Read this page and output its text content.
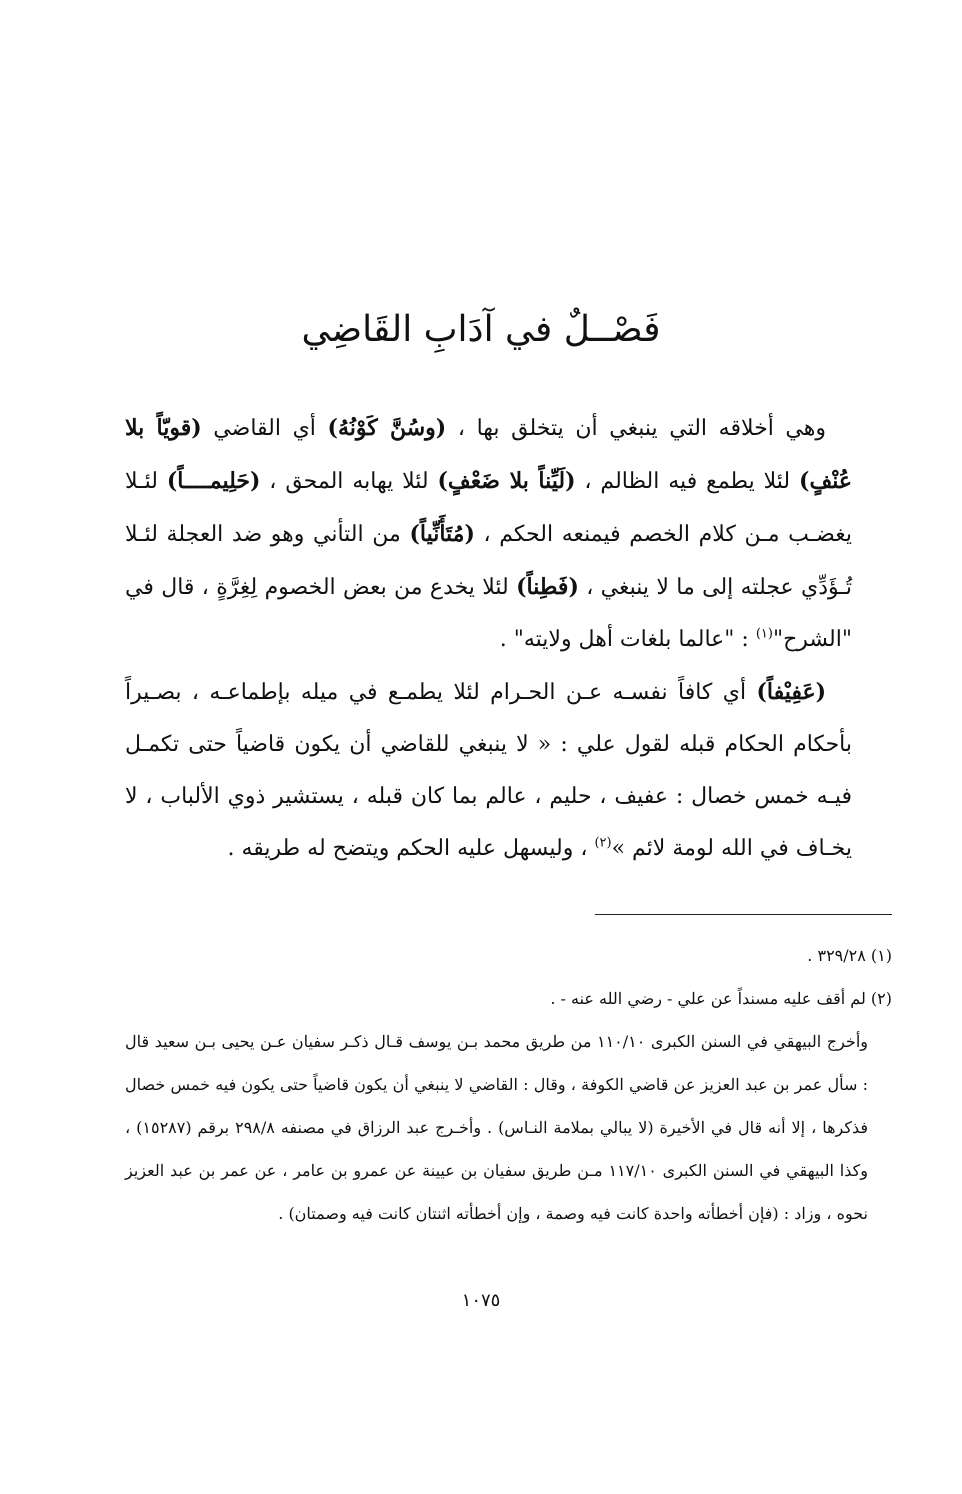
فَصْــلٌ في آدَابِ القَاضِي

وهي أخلاقه التي ينبغي أن يتخلق بها ، (وسُنَّ كَوْنُهُ) أي القاضي (قويّاً بلا عُنْفٍ) لئلا يطمع فيه الظالم ، (لَيِّناً بلا ضَعْفٍ) لئلا يهابه المحق ، (حَلِيمــــاً) لئـلا يغضـب مـن كلام الخصم فيمنعه الحكم ، (مُتَأَنِّياً) من التأني وهو ضد العجلة لئـلا تُـؤَدِّي عجلته إلى ما لا ينبغي ، (فَطِناً) لئلا يخدع من بعض الخصوم لِغِرَّةٍ ، قال في "الشرح"$^{(١)}$ : "عالما بلغات أهل ولايته" .

(عَفِيْفاً) أي كافاً نفسـه عـن الحـرام لئلا يطمـع في ميله بإطماعـه ، بصـيراً بأحكام الحكام قبله لقول علي : « لا ينبغي للقاضي أن يكون قاضياً حتى تكمـل فيـه خمس خصال : عفيف ، حليم ، عالم بما كان قبله ، يستشير ذوي الألباب ، لا يخـاف في الله لومة لائم »$^{(٢)}$ ، وليسهل عليه الحكم ويتضح له طريقه .

(١) ٣٢٩/٢٨ .

(٢) لم أقف عليه مسنداً عن علي - رضي الله عنه - .

وأخرج البيهقي في السنن الكبرى ١١٠/١٠ من طريق محمد بـن يوسف قـال ذكـر سفيان عـن يحيى بـن سعيد قال : سأل عمر بن عبد العزيز عن قاضي الكوفة ، وقال : القاضي لا ينبغي أن يكون قاضياً حتى يكون فيه خمس خصال فذكرها ، إلا أنه قال في الأخيرة (لا يبالي بملامة النـاس) . وأخـرج عبد الرزاق في مصنفه ٢٩٨/٨ برقم (١٥٢٨٧) ، وكذا البيهقي في السنن الكبرى ١١٧/١٠ مـن طريق سفيان بن عيينة عن عمرو بن عامر ، عن عمر بن عبد العزيز نحوه ، وزاد : (فإن أخطأته واحدة كانت فيه وصمة ، وإن أخطأته اثنتان كانت فيه وصمتان) .

١٠٧٥
